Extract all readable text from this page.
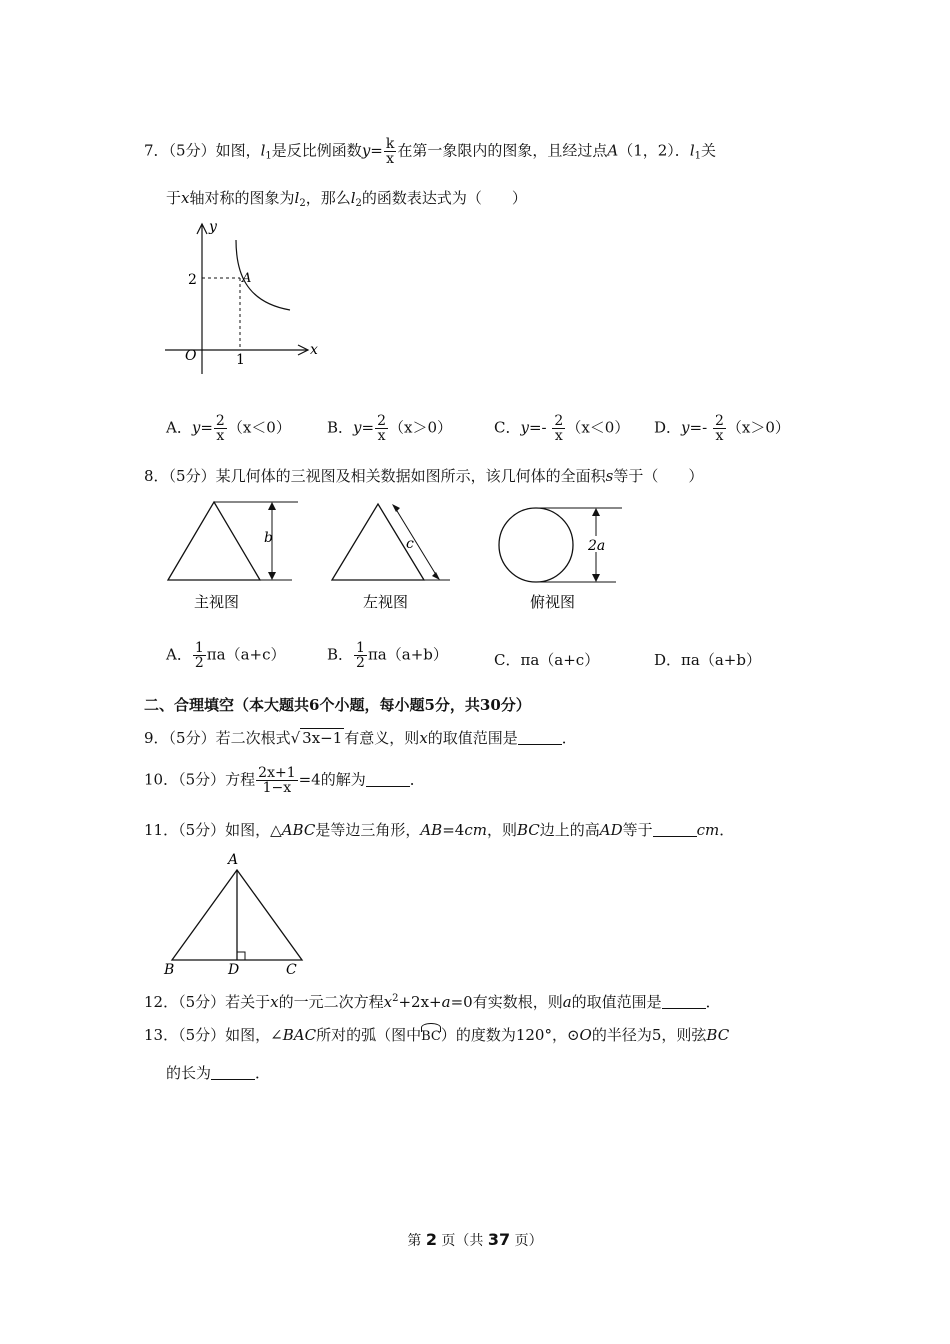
7．（5分）如图，$l_1$是反比例函数$y= \frac{k}{x}$ 在第一象限内的图象，且经过点A（1，2）．$l_1$关
于x轴对称的图象为$l_2$，那么$l_2$的函数表达式为（　　）
x
y
O	1
2	A
A．$y= \frac{2}{x} (x<0)$ B．$y= \frac{2}{x} (x>0)$	C．$y=- \frac{2}{x} (x<0)$ D．$y=- \frac{2}{x} (x>0)$
8．（5分）某几何体的三视图及相关数据如图所示，该几何体的全面积s等于（　　）
b
主视图
c
左视图
2a
俯视图
A． $\frac{1}{2} \pi a(a+c)$	B． $\frac{1}{2} \pi a(a+b)$	C．πa（a+c）	D．πa（a+b）
二、合理填空（本大题共6个小题，每小题5分，共30分）
9．（5分）若二次根式√ 3x−1 有意义，则x的取值范围是	．
10．（5分）方程 $\frac{2x+1}{1-x} =4$的解为	．
11．（5分）如图，△ABC是等边三角形，AB=4cm，则BC边上的高AD等于	cm．
A
B	D	C
12．（5分）若关于x的一元二次方程$x^2+2x+a=0$有实数根，则a的取值范围是	．
13．（5分）如图，∠BAC所对的弧（图中
BC）的度数为120°，⊙O的半径为5，则弦BC
的长为	．
第 2 页（共 37 页）
